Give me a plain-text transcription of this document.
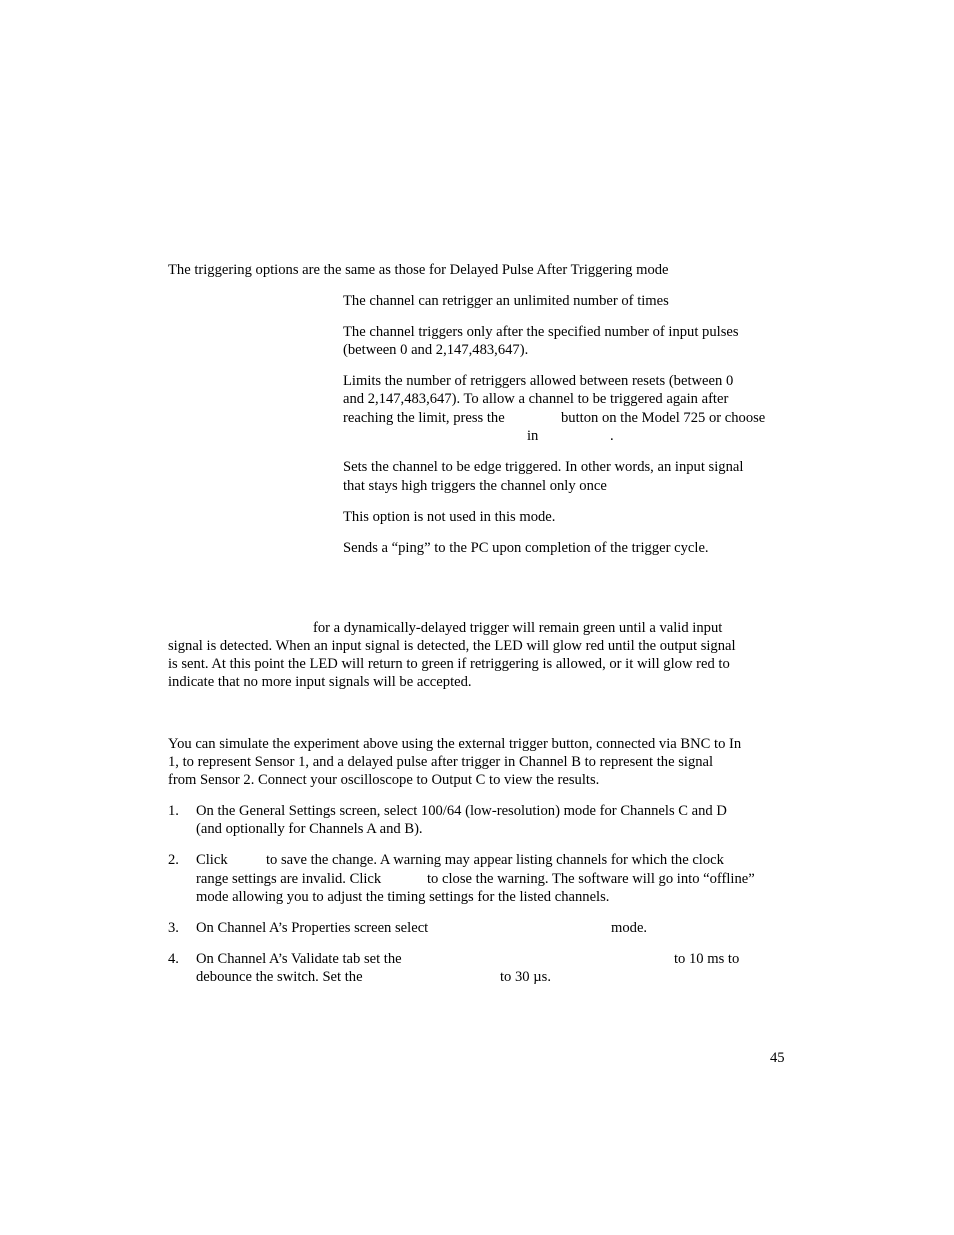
The triggering options are the same as those for Delayed Pulse After Triggering mode
The channel can retrigger an unlimited number of times
The channel triggers only after the specified number of input pulses
(between 0 and 2,147,483,647).
Limits the number of retriggers allowed between resets (between 0
and 2,147,483,647). To allow a channel to be triggered again after
reaching the limit, press the	button on the Model 725 or choose
in	.
Sets the channel to be edge triggered. In other words, an input signal
that stays high triggers the channel only once
This option is not used in this mode.
Sends a “ping” to the PC upon completion of the trigger cycle.
for a dynamically-delayed trigger will remain green until a valid input
signal is detected. When an input signal is detected, the LED will glow red until the output signal
is sent. At this point the LED will return to green if retriggering is allowed, or it will glow red to
indicate that no more input signals will be accepted.
You can simulate the experiment above using the external trigger button, connected via BNC to In
1, to represent Sensor 1, and a delayed pulse after trigger in Channel B to represent the signal
from Sensor 2. Connect your oscilloscope to Output C to view the results.
1. On the General Settings screen, select 100/64 (low-resolution) mode for Channels C and D
(and optionally for Channels A and B).
2. Click	to save the change. A warning may appear listing channels for which the clock
range settings are invalid. Click	to close the warning. The software will go into “offline”
mode allowing you to adjust the timing settings for the listed channels.
3. On Channel A’s Properties screen select	mode.
4. On Channel A’s Validate tab set the	to 10 ms to
debounce the switch. Set the	to 30 µs.
45
